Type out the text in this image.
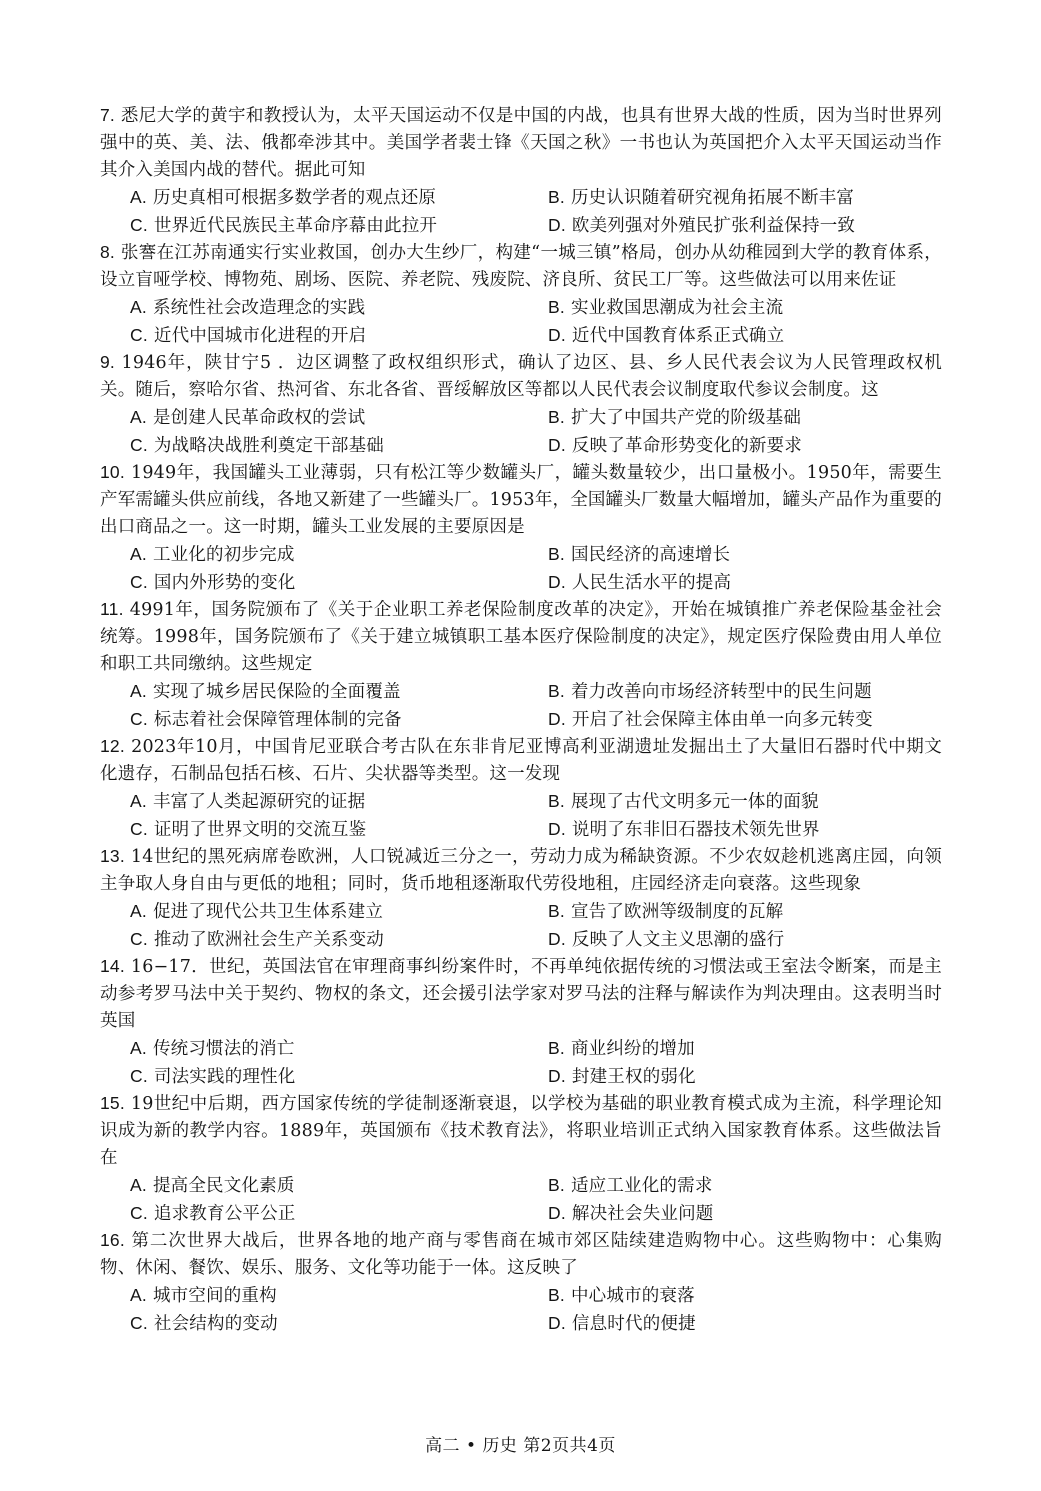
7. 悉尼大学的黄宇和教授认为，太平天国运动不仅是中国的内战，也具有世界大战的性质，因为当时世界列强中的英、美、法、俄都牵涉其中。美国学者裴士锋《天国之秋》一书也认为英国把介入太平天国运动当作其介入美国内战的替代。据此可知
A. 历史真相可根据多数学者的观点还原	B. 历史认识随着研究视角拓展不断丰富
C. 世界近代民族民主革命序幕由此拉开	D. 欧美列强对外殖民扩张利益保持一致
8. 张謇在江苏南通实行实业救国，创办大生纱厂，构建“一城三镇”格局，创办从幼稚园到大学的教育体系，设立盲哑学校、博物苑、剧场、医院、养老院、残废院、济良所、贫民工厂等。这些做法可以用来佐证
A. 系统性社会改造理念的实践	B. 实业救国思潮成为社会主流
C. 近代中国城市化进程的开启	D. 近代中国教育体系正式确立
9. 1946年，陕甘宁5 ．边区调整了政权组织形式，确认了边区、县、乡人民代表会议为人民管理政权机关。随后，察哈尔省、热河省、东北各省、晋绥解放区等都以人民代表会议制度取代参议会制度。这
A. 是创建人民革命政权的尝试	B. 扩大了中国共产党的阶级基础
C. 为战略决战胜利奠定干部基础	D. 反映了革命形势变化的新要求
10. 1949年，我国罐头工业薄弱，只有松江等少数罐头厂，罐头数量较少，出口量极小。1950年，需要生产军需罐头供应前线，各地又新建了一些罐头厂。1953年，全国罐头厂数量大幅增加，罐头产品作为重要的出口商品之一。这一时期，罐头工业发展的主要原因是
A. 工业化的初步完成	B. 国民经济的高速增长
C. 国内外形势的变化	D. 人民生活水平的提高
11. 4991年，国务院颁布了《关于企业职工养老保险制度改革的决定》，开始在城镇推广养老保险基金社会统筹。1998年，国务院颁布了《关于建立城镇职工基本医疗保险制度的决定》，规定医疗保险费由用人单位和职工共同缴纳。这些规定
A. 实现了城乡居民保险的全面覆盖	B. 着力改善向市场经济转型中的民生问题
C. 标志着社会保障管理体制的完备	D. 开启了社会保障主体由单一向多元转变
12. 2023年10月，中国肯尼亚联合考古队在东非肯尼亚博高利亚湖遗址发掘出土了大量旧石器时代中期文化遗存，石制品包括石核、石片、尖状器等类型。这一发现
A. 丰富了人类起源研究的证据	B. 展现了古代文明多元一体的面貌
C. 证明了世界文明的交流互鉴	D. 说明了东非旧石器技术领先世界
13. 14世纪的黑死病席卷欧洲，人口锐减近三分之一，劳动力成为稀缺资源。不少农奴趁机逃离庄园，向领主争取人身自由与更低的地租；同时，货币地租逐渐取代劳役地租，庄园经济走向衰落。这些现象
A. 促进了现代公共卫生体系建立	B. 宣告了欧洲等级制度的瓦解
C. 推动了欧洲社会生产关系变动	D. 反映了人文主义思潮的盛行
14. 16−17．世纪，英国法官在审理商事纠纷案件时，不再单纯依据传统的习惯法或王室法令断案，而是主动参考罗马法中关于契约、物权的条文，还会援引法学家对罗马法的注释与解读作为判决理由。这表明当时英国
A. 传统习惯法的消亡	B. 商业纠纷的增加
C. 司法实践的理性化	D. 封建王权的弱化
15. 19世纪中后期，西方国家传统的学徒制逐渐衰退，以学校为基础的职业教育模式成为主流，科学理论知识成为新的教学内容。1889年，英国颁布《技术教育法》，将职业培训正式纳入国家教育体系。这些做法旨在
A. 提高全民文化素质	B. 适应工业化的需求
C. 追求教育公平公正	D. 解决社会失业问题
16. 第二次世界大战后，世界各地的地产商与零售商在城市郊区陆续建造购物中心。这些购物中：心集购物、休闲、餐饮、娱乐、服务、文化等功能于一体。这反映了
A. 城市空间的重构	B. 中心城市的衰落
C. 社会结构的变动	D. 信息时代的便捷
高二 • 历史 第2页共4页
